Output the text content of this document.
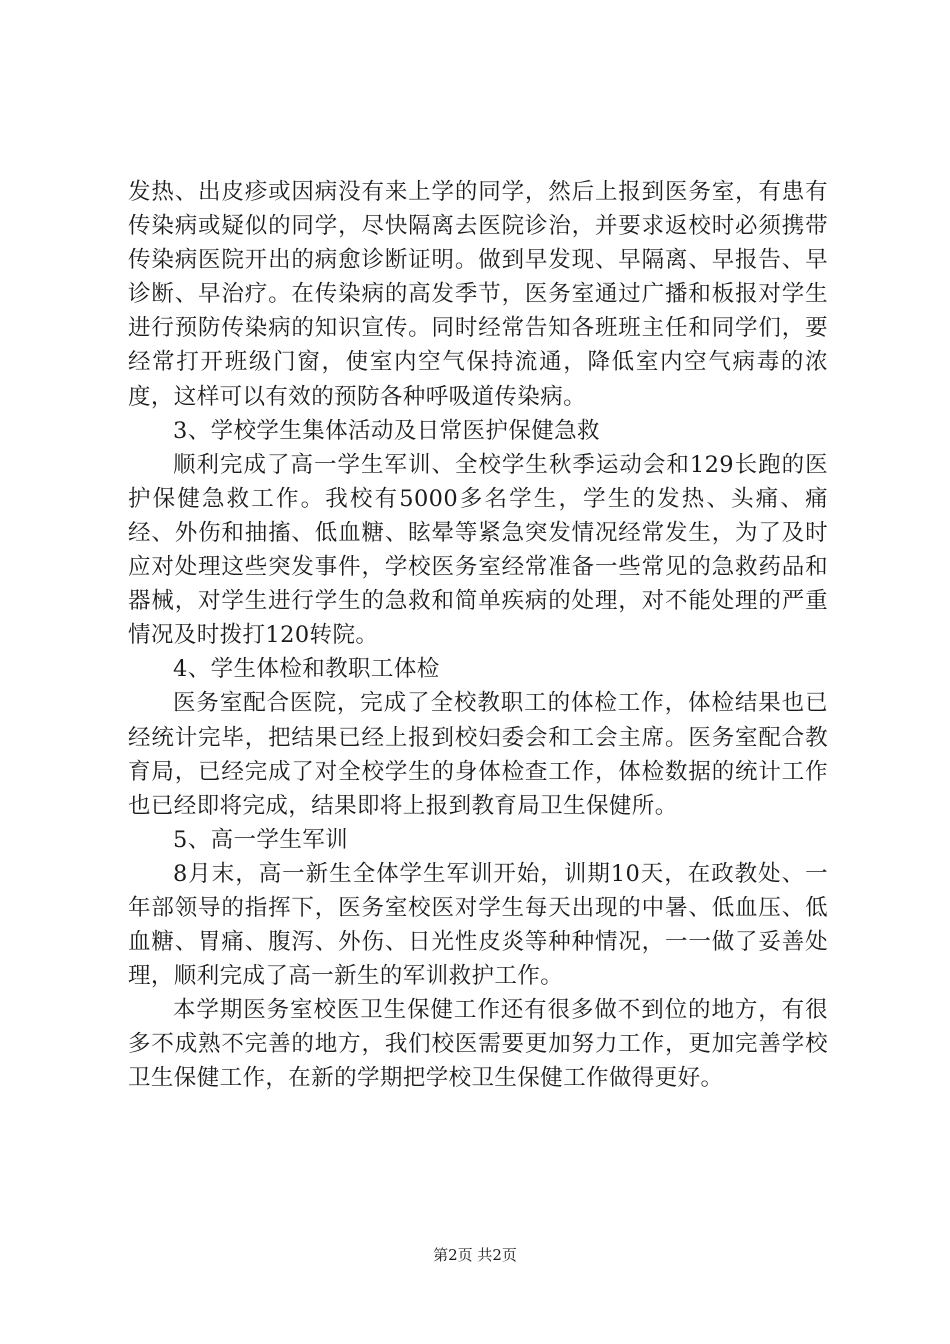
发热、出皮疹或因病没有来上学的同学，然后上报到医务室，有患有传染病或疑似的同学，尽快隔离去医院诊治，并要求返校时必须携带传染病医院开出的病愈诊断证明。做到早发现、早隔离、早报告、早诊断、早治疗。在传染病的高发季节，医务室通过广播和板报对学生进行预防传染病的知识宣传。同时经常告知各班班主任和同学们，要经常打开班级门窗，使室内空气保持流通，降低室内空气病毒的浓度，这样可以有效的预防各种呼吸道传染病。

3、学校学生集体活动及日常医护保健急救

顺利完成了高一学生军训、全校学生秋季运动会和129长跑的医护保健急救工作。我校有5000多名学生，学生的发热、头痛、痛经、外伤和抽搐、低血糖、眩晕等紧急突发情况经常发生，为了及时应对处理这些突发事件，学校医务室经常准备一些常见的急救药品和器械，对学生进行学生的急救和简单疾病的处理，对不能处理的严重情况及时拨打120转院。

4、学生体检和教职工体检

医务室配合医院，完成了全校教职工的体检工作，体检结果也已经统计完毕，把结果已经上报到校妇委会和工会主席。医务室配合教育局，已经完成了对全校学生的身体检查工作，体检数据的统计工作也已经即将完成，结果即将上报到教育局卫生保健所。

5、高一学生军训

8月末，高一新生全体学生军训开始，训期10天，在政教处、一年部领导的指挥下，医务室校医对学生每天出现的中暑、低血压、低血糖、胃痛、腹泻、外伤、日光性皮炎等种种情况，一一做了妥善处理，顺利完成了高一新生的军训救护工作。

本学期医务室校医卫生保健工作还有很多做不到位的地方，有很多不成熟不完善的地方，我们校医需要更加努力工作，更加完善学校卫生保健工作，在新的学期把学校卫生保健工作做得更好。

第2页 共2页
